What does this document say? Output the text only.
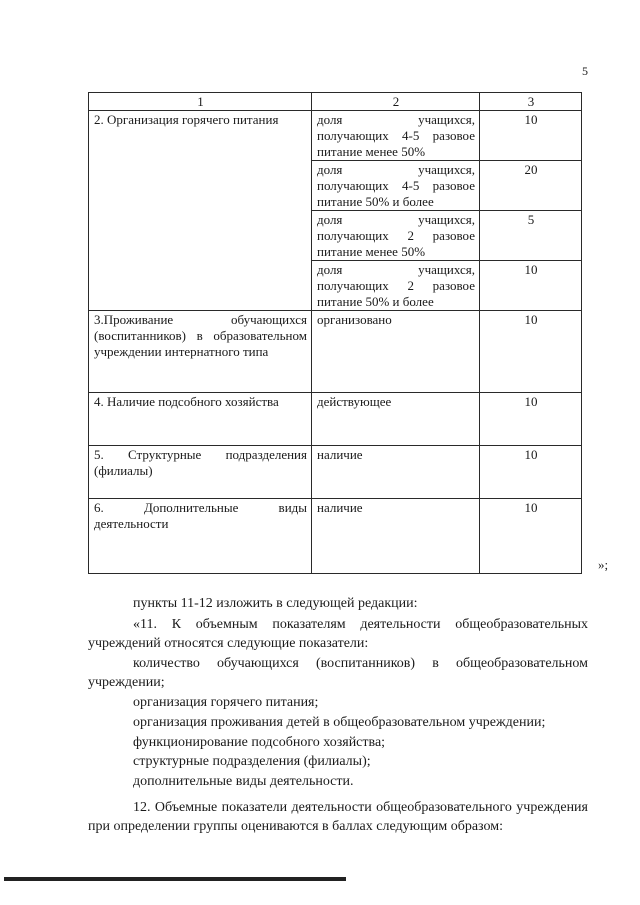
5
1	2	3
2. Организация горячего питания	доля учащихся, получающих 4-5 разовое питание менее 50%	10
	доля учащихся, получающих 4-5 разовое питание 50% и более	20
	доля учащихся, получающих 2 разовое питание менее 50%	5
	доля учащихся, получающих 2 разовое питание 50% и более	10
3.Проживание обучающихся (воспитанников) в образовательном учреждении интернатного типа	организовано	10
4. Наличие подсобного хозяйства	действующее	10
5. Структурные подразделения (филиалы)	наличие	10
6. Дополнительные виды деятельности	наличие	10
»;

пункты 11-12 изложить в следующей редакции:

«11. К объемным показателям деятельности общеобразовательных учреждений относятся следующие показатели:

количество обучающихся (воспитанников) в общеобразовательном учреждении;

организация горячего питания;

организация проживания детей в общеобразовательном учреждении;

функционирование подсобного хозяйства;

структурные подразделения (филиалы);

дополнительные виды деятельности.

12. Объемные показатели деятельности общеобразовательного учреждения при определении группы оцениваются в баллах следующим образом:
